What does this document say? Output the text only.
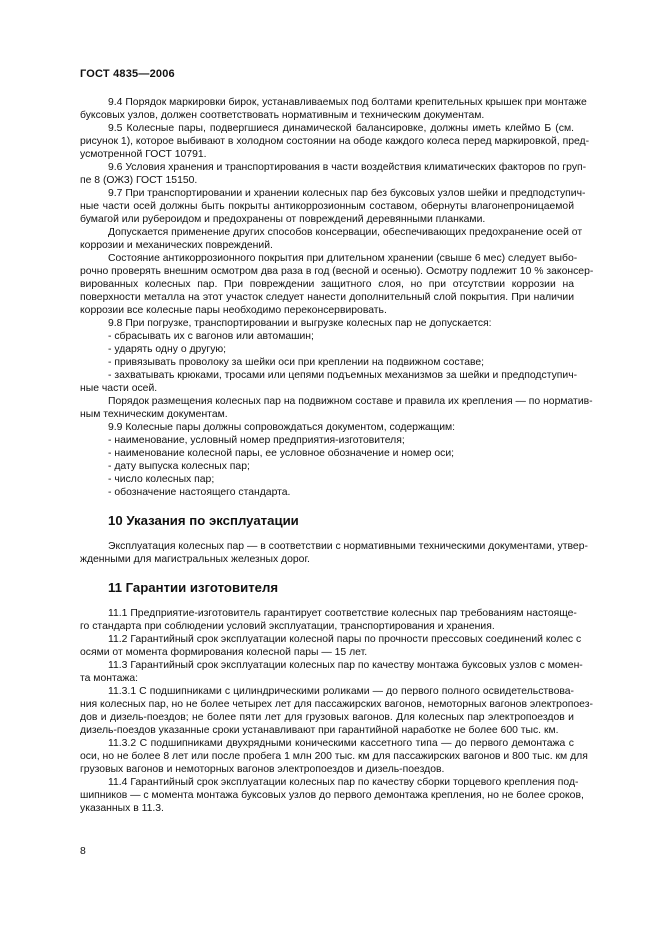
ГОСТ 4835—2006
9.4 Порядок маркировки бирок, устанавливаемых под болтами крепительных крышек при монтаже
буксовых узлов, должен соответствовать нормативным и техническим документам.
9.5 Колесные пары, подвергшиеся динамической балансировке, должны иметь клеймо Б (см.
рисунок 1), которое выбивают в холодном состоянии на ободе каждого колеса перед маркировкой, пред-
усмотренной ГОСТ 10791.
9.6 Условия хранения и транспортирования в части воздействия климатических факторов по груп-
пе 8 (ОЖ3) ГОСТ 15150.
9.7 При транспортировании и хранении колесных пар без буксовых узлов шейки и предподступич-
ные части осей должны быть покрыты антикоррозионным составом, обернуты влагонепроницаемой
бумагой или рубероидом и предохранены от повреждений деревянными планками.
Допускается применение других способов консервации, обеспечивающих предохранение осей от
коррозии и механических повреждений.
Состояние антикоррозионного покрытия при длительном хранении (свыше 6 мес) следует выбо-
рочно проверять внешним осмотром два раза в год (весной и осенью). Осмотру подлежит 10 % законсер-
вированных колесных пар. При повреждении защитного слоя, но при отсутствии коррозии на
поверхности металла на этот участок следует нанести дополнительный слой покрытия. При наличии
коррозии все колесные пары необходимо переконсервировать.
9.8 При погрузке, транспортировании и выгрузке колесных пар не допускается:
- сбрасывать их с вагонов или автомашин;
- ударять одну о другую;
- привязывать проволоку за шейки оси при креплении на подвижном составе;
- захватывать крюками, тросами или цепями подъемных механизмов за шейки и предподступич-
ные части осей.
Порядок размещения колесных пар на подвижном составе и правила их крепления — по норматив-
ным техническим документам.
9.9 Колесные пары должны сопровождаться документом, содержащим:
- наименование, условный номер предприятия-изготовителя;
- наименование колесной пары, ее условное обозначение и номер оси;
- дату выпуска колесных пар;
- число колесных пар;
- обозначение настоящего стандарта.
10 Указания по эксплуатации
Эксплуатация колесных пар — в соответствии с нормативными техническими документами, утвер-
жденными для магистральных железных дорог.
11 Гарантии изготовителя
11.1 Предприятие-изготовитель гарантирует соответствие колесных пар требованиям настояще-
го стандарта при соблюдении условий эксплуатации, транспортирования и хранения.
11.2 Гарантийный срок эксплуатации колесной пары по прочности прессовых соединений колес с
осями от момента формирования колесной пары — 15 лет.
11.3 Гарантийный срок эксплуатации колесных пар по качеству монтажа буксовых узлов с момен-
та монтажа:
11.3.1 С подшипниками с цилиндрическими роликами — до первого полного освидетельствова-
ния колесных пар, но не более четырех лет для пассажирских вагонов, немоторных вагонов электропоез-
дов и дизель-поездов; не более пяти лет для грузовых вагонов. Для колесных пар электропоездов и
дизель-поездов указанные сроки устанавливают при гарантийной наработке не более 600 тыс. км.
11.3.2 С подшипниками двухрядными коническими кассетного типа — до первого демонтажа с
оси, но не более 8 лет или после пробега 1 млн 200 тыс. км для пассажирских вагонов и 800 тыс. км для
грузовых вагонов и немоторных вагонов электропоездов и дизель-поездов.
11.4 Гарантийный срок эксплуатации колесных пар по качеству сборки торцевого крепления под-
шипников — с момента монтажа буксовых узлов до первого демонтажа крепления, но не более сроков,
указанных в 11.3.
8
